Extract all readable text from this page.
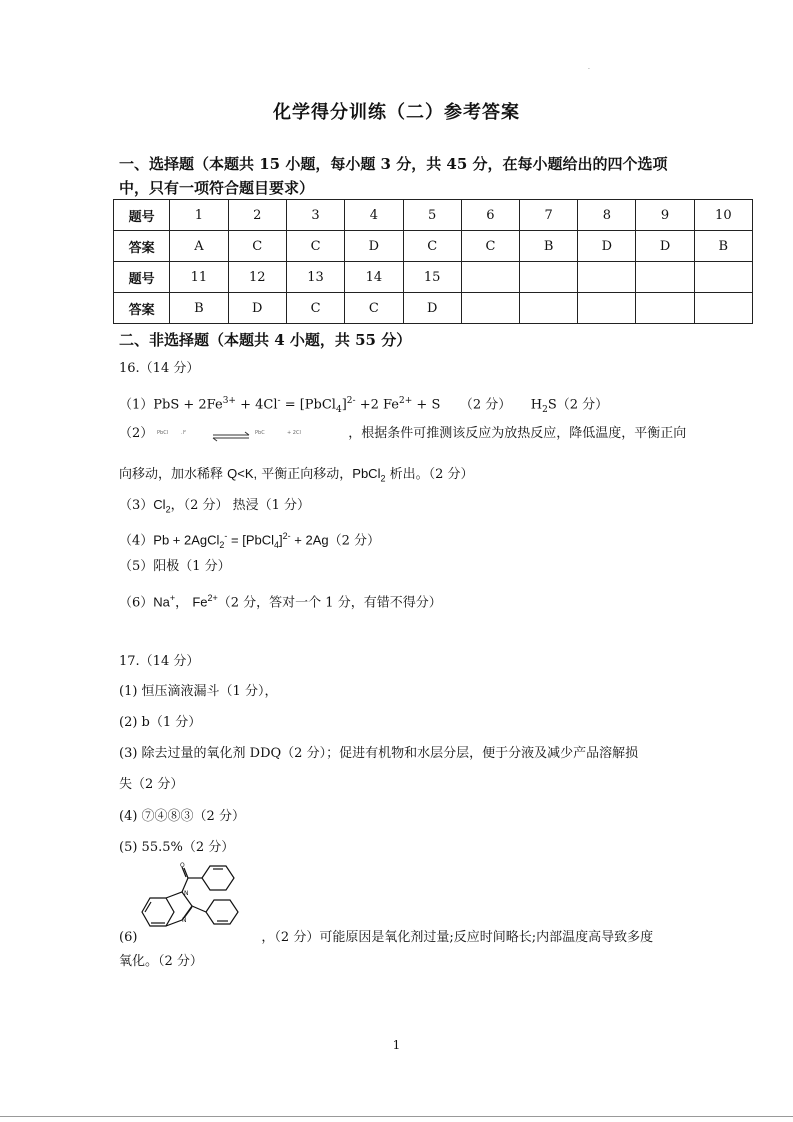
·
化学得分训练（二）参考答案
一、选择题（本题共 15 小题，每小题 3 分，共 45 分，在每小题给出的四个选项
中，只有一项符合题目要求）
题号	1	2	3	4	5	6	7	8	9	10
答案	A	C	C	D	C	C	B	D	D	B
题号	11	12	13	14	15					
答案	B	D	C	C	D					
二、非选择题（本题共 4 小题，共 55 分）
16.（14 分）
$(1)PbS + 2Fe^{3+} + 4Cl^-$ = [PbCl$_4$]$^{2-}$ +2 $Fe^{2+} + S$　　（2 分）　　$H_2S(2$ 分）
（2） PbCl	.l²	PbC	+ 2Cl	，根据条件可推测该反应为放热反应，降低温度，平衡正向
向移动，加水稀释 Q<K, 平衡正向移动，PbCl$_2$ 析出。（2 分）
$(3)Cl_2$，（2 分） 热浸（1 分）
（4）Pb + 2AgCl$_2$- = [PbCl$_4$]$^{2-}$ + 2Ag（2 分）
（5）阳极（1 分）
（6）Na+， $Fe^{2+}(2$ 分，答对一个 1 分，有错不得分）
17.（14 分）
(1) 恒压滴液漏斗（1 分），
(2) b（1 分）
(3) 除去过量的氧化剂 DDQ（2 分）；促进有机物和水层分层，便于分液及减少产品溶解损
失（2 分）
(4) ⑦④⑧③（2 分）
(5) 55.5%（2 分）
N
N
O
(6)	，（2 分）可能原因是氧化剂过量;反应时间略长;内部温度高导致多度
氧化。（2 分）
1
